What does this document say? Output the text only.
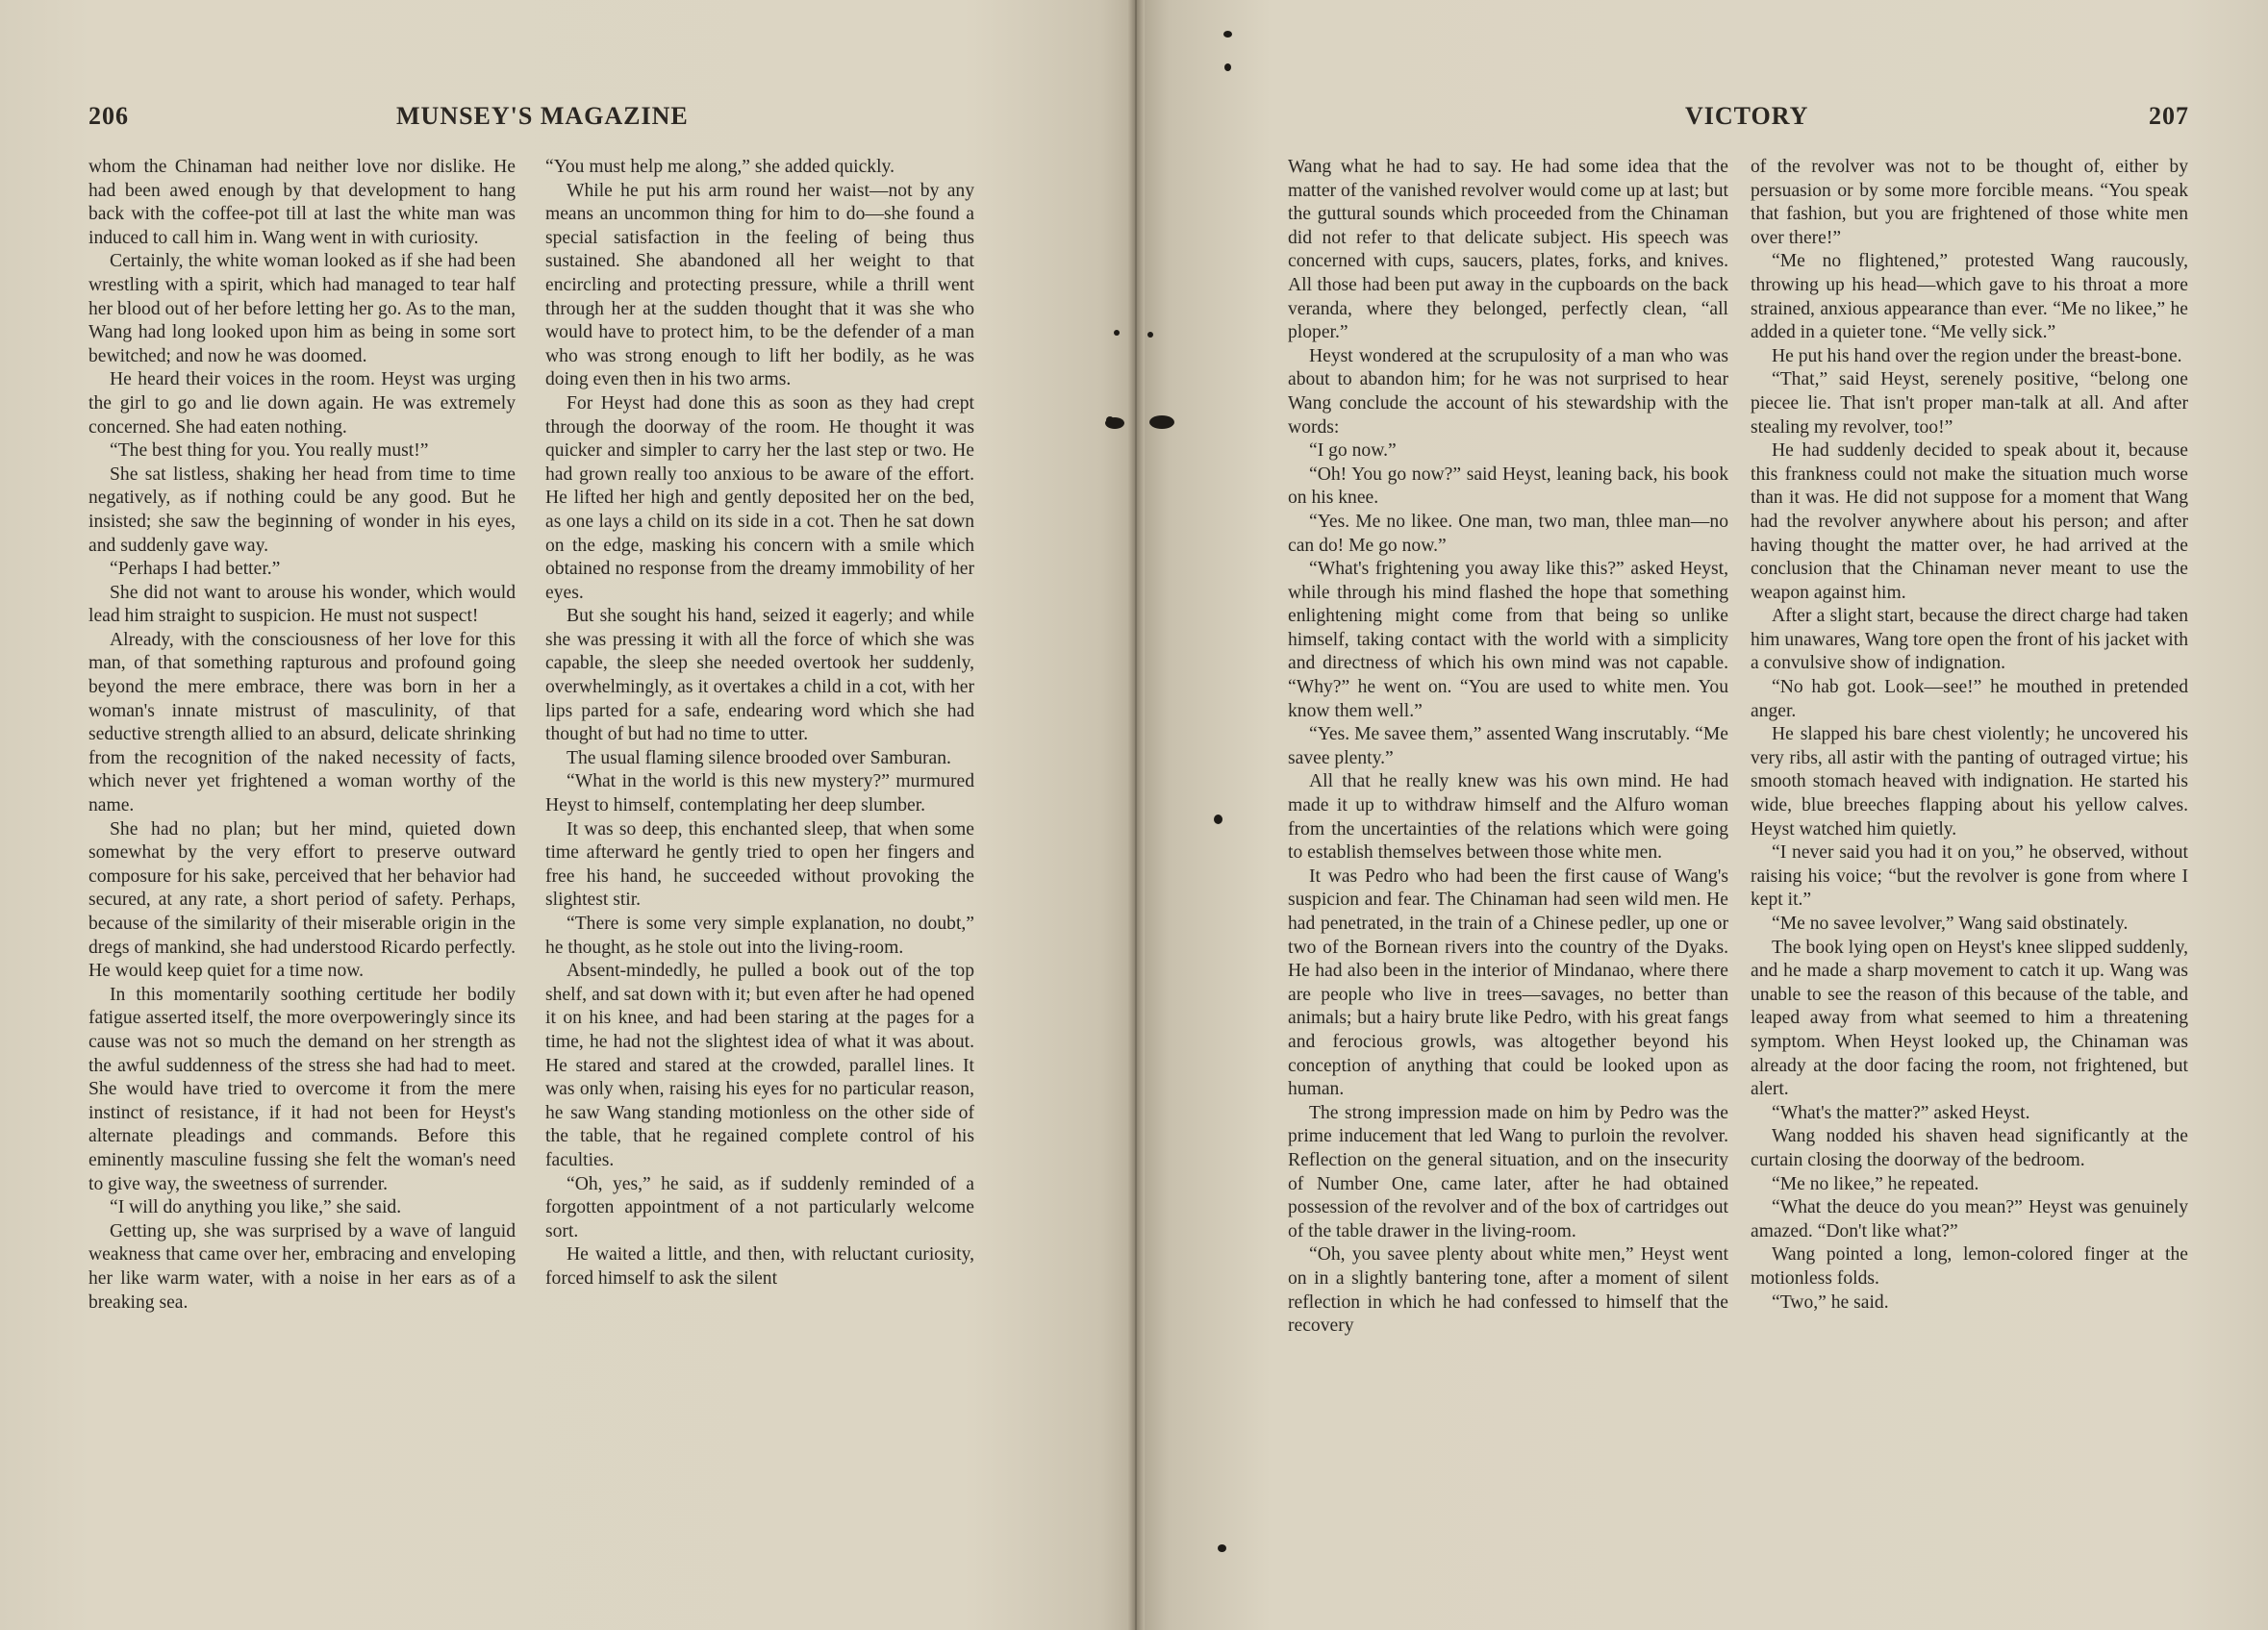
206	MUNSEY'S MAGAZINE

whom the Chinaman had neither love nor dislike. He had been awed enough by that development to hang back with the coffee-pot till at last the white man was induced to call him in. Wang went in with curiosity.

Certainly, the white woman looked as if she had been wrestling with a spirit, which had managed to tear half her blood out of her before letting her go. As to the man, Wang had long looked upon him as being in some sort bewitched; and now he was doomed.

He heard their voices in the room. Heyst was urging the girl to go and lie down again. He was extremely concerned. She had eaten nothing.

“The best thing for you. You really must!”

She sat listless, shaking her head from time to time negatively, as if nothing could be any good. But he insisted; she saw the beginning of wonder in his eyes, and suddenly gave way.

“Perhaps I had better.”

She did not want to arouse his wonder, which would lead him straight to suspicion. He must not suspect!

Already, with the consciousness of her love for this man, of that something rapturous and profound going beyond the mere embrace, there was born in her a woman's innate mistrust of masculinity, of that seductive strength allied to an absurd, delicate shrinking from the recognition of the naked necessity of facts, which never yet frightened a woman worthy of the name.

She had no plan; but her mind, quieted down somewhat by the very effort to preserve outward composure for his sake, perceived that her behavior had secured, at any rate, a short period of safety. Perhaps, because of the similarity of their miserable origin in the dregs of mankind, she had understood Ricardo perfectly. He would keep quiet for a time now.

In this momentarily soothing certitude her bodily fatigue asserted itself, the more overpoweringly since its cause was not so much the demand on her strength as the awful suddenness of the stress she had had to meet. She would have tried to overcome it from the mere instinct of resistance, if it had not been for Heyst's alternate pleadings and commands. Before this eminently masculine fussing she felt the woman's need to give way, the sweetness of surrender.

“I will do anything you like,” she said.

Getting up, she was surprised by a wave of languid weakness that came over her, embracing and enveloping her like warm water, with a noise in her ears as of a breaking sea.

“You must help me along,” she added quickly.

While he put his arm round her waist—not by any means an uncommon thing for him to do—she found a special satisfaction in the feeling of being thus sustained. She abandoned all her weight to that encircling and protecting pressure, while a thrill went through her at the sudden thought that it was she who would have to protect him, to be the defender of a man who was strong enough to lift her bodily, as he was doing even then in his two arms.

For Heyst had done this as soon as they had crept through the doorway of the room. He thought it was quicker and simpler to carry her the last step or two. He had grown really too anxious to be aware of the effort. He lifted her high and gently deposited her on the bed, as one lays a child on its side in a cot. Then he sat down on the edge, masking his concern with a smile which obtained no response from the dreamy immobility of her eyes.

But she sought his hand, seized it eagerly; and while she was pressing it with all the force of which she was capable, the sleep she needed overtook her suddenly, overwhelmingly, as it overtakes a child in a cot, with her lips parted for a safe, endearing word which she had thought of but had no time to utter.

The usual flaming silence brooded over Samburan.

“What in the world is this new mystery?” murmured Heyst to himself, contemplating her deep slumber.

It was so deep, this enchanted sleep, that when some time afterward he gently tried to open her fingers and free his hand, he succeeded without provoking the slightest stir.

“There is some very simple explanation, no doubt,” he thought, as he stole out into the living-room.

Absent-mindedly, he pulled a book out of the top shelf, and sat down with it; but even after he had opened it on his knee, and had been staring at the pages for a time, he had not the slightest idea of what it was about. He stared and stared at the crowded, parallel lines. It was only when, raising his eyes for no particular reason, he saw Wang standing motionless on the other side of the table, that he regained complete control of his faculties.

“Oh, yes,” he said, as if suddenly reminded of a forgotten appointment of a not particularly welcome sort.

He waited a little, and then, with reluctant curiosity, forced himself to ask the silent

VICTORY	207

Wang what he had to say. He had some idea that the matter of the vanished revolver would come up at last; but the guttural sounds which proceeded from the Chinaman did not refer to that delicate subject. His speech was concerned with cups, saucers, plates, forks, and knives. All those had been put away in the cupboards on the back veranda, where they belonged, perfectly clean, “all ploper.”

Heyst wondered at the scrupulosity of a man who was about to abandon him; for he was not surprised to hear Wang conclude the account of his stewardship with the words:

“I go now.”

“Oh! You go now?” said Heyst, leaning back, his book on his knee.

“Yes. Me no likee. One man, two man, thlee man—no can do! Me go now.”

“What's frightening you away like this?” asked Heyst, while through his mind flashed the hope that something enlightening might come from that being so unlike himself, taking contact with the world with a simplicity and directness of which his own mind was not capable. “Why?” he went on. “You are used to white men. You know them well.”

“Yes. Me savee them,” assented Wang inscrutably. “Me savee plenty.”

All that he really knew was his own mind. He had made it up to withdraw himself and the Alfuro woman from the uncertainties of the relations which were going to establish themselves between those white men.

It was Pedro who had been the first cause of Wang's suspicion and fear. The Chinaman had seen wild men. He had penetrated, in the train of a Chinese pedler, up one or two of the Bornean rivers into the country of the Dyaks. He had also been in the interior of Mindanao, where there are people who live in trees—savages, no better than animals; but a hairy brute like Pedro, with his great fangs and ferocious growls, was altogether beyond his conception of anything that could be looked upon as human.

The strong impression made on him by Pedro was the prime inducement that led Wang to purloin the revolver. Reflection on the general situation, and on the insecurity of Number One, came later, after he had obtained possession of the revolver and of the box of cartridges out of the table drawer in the living-room.

“Oh, you savee plenty about white men,” Heyst went on in a slightly bantering tone, after a moment of silent reflection in which he had confessed to himself that the recovery

of the revolver was not to be thought of, either by persuasion or by some more forcible means. “You speak that fashion, but you are frightened of those white men over there!”

“Me no flightened,” protested Wang raucously, throwing up his head—which gave to his throat a more strained, anxious appearance than ever. “Me no likee,” he added in a quieter tone. “Me velly sick.”

He put his hand over the region under the breast-bone.

“That,” said Heyst, serenely positive, “belong one piecee lie. That isn't proper man-talk at all. And after stealing my revolver, too!”

He had suddenly decided to speak about it, because this frankness could not make the situation much worse than it was. He did not suppose for a moment that Wang had the revolver anywhere about his person; and after having thought the matter over, he had arrived at the conclusion that the Chinaman never meant to use the weapon against him.

After a slight start, because the direct charge had taken him unawares, Wang tore open the front of his jacket with a convulsive show of indignation.

“No hab got. Look—see!” he mouthed in pretended anger.

He slapped his bare chest violently; he uncovered his very ribs, all astir with the panting of outraged virtue; his smooth stomach heaved with indignation. He started his wide, blue breeches flapping about his yellow calves. Heyst watched him quietly.

“I never said you had it on you,” he observed, without raising his voice; “but the revolver is gone from where I kept it.”

“Me no savee levolver,” Wang said obstinately.

The book lying open on Heyst's knee slipped suddenly, and he made a sharp movement to catch it up. Wang was unable to see the reason of this because of the table, and leaped away from what seemed to him a threatening symptom. When Heyst looked up, the Chinaman was already at the door facing the room, not frightened, but alert.

“What's the matter?” asked Heyst.

Wang nodded his shaven head significantly at the curtain closing the doorway of the bedroom.

“Me no likee,” he repeated.

“What the deuce do you mean?” Heyst was genuinely amazed. “Don't like what?”

Wang pointed a long, lemon-colored finger at the motionless folds.

“Two,” he said.
